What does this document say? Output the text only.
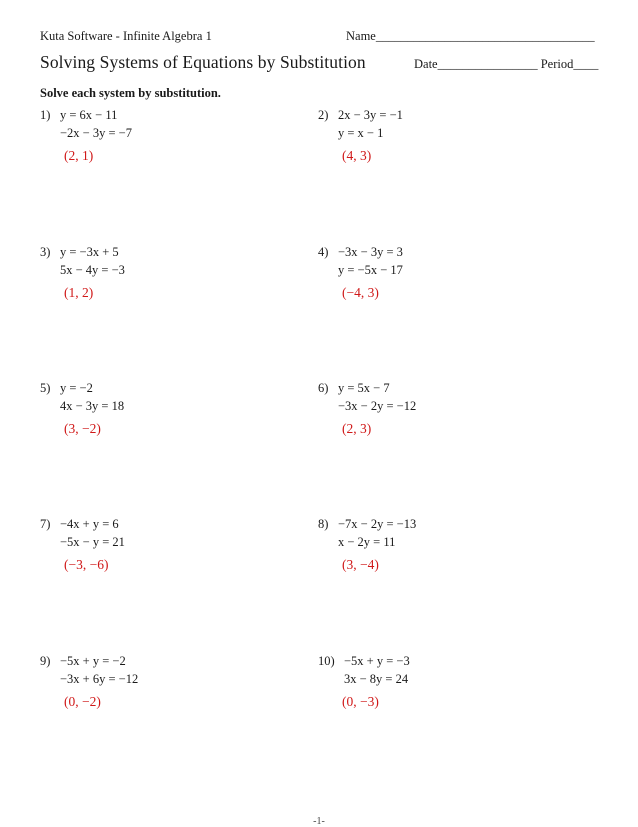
Kuta Software - Infinite Algebra 1	Name___________________________________
Solving Systems of Equations by Substitution	Date________________ Period____
Solve each system by substitution.
1) y = 6x − 11
−2x − 3y = −7
(2, 1)
2) 2x − 3y = −1
y = x − 1
(4, 3)
3) y = −3x + 5
5x − 4y = −3
(1, 2)
4) −3x − 3y = 3
y = −5x − 17
(−4, 3)
5) y = −2
4x − 3y = 18
(3, −2)
6) y = 5x − 7
−3x − 2y = −12
(2, 3)
7) −4x + y = 6
−5x − y = 21
(−3, −6)
8) −7x − 2y = −13
x − 2y = 11
(3, −4)
9) −5x + y = −2
−3x + 6y = −12
(0, −2)
10) −5x + y = −3
3x − 8y = 24
(0, −3)
-1-
